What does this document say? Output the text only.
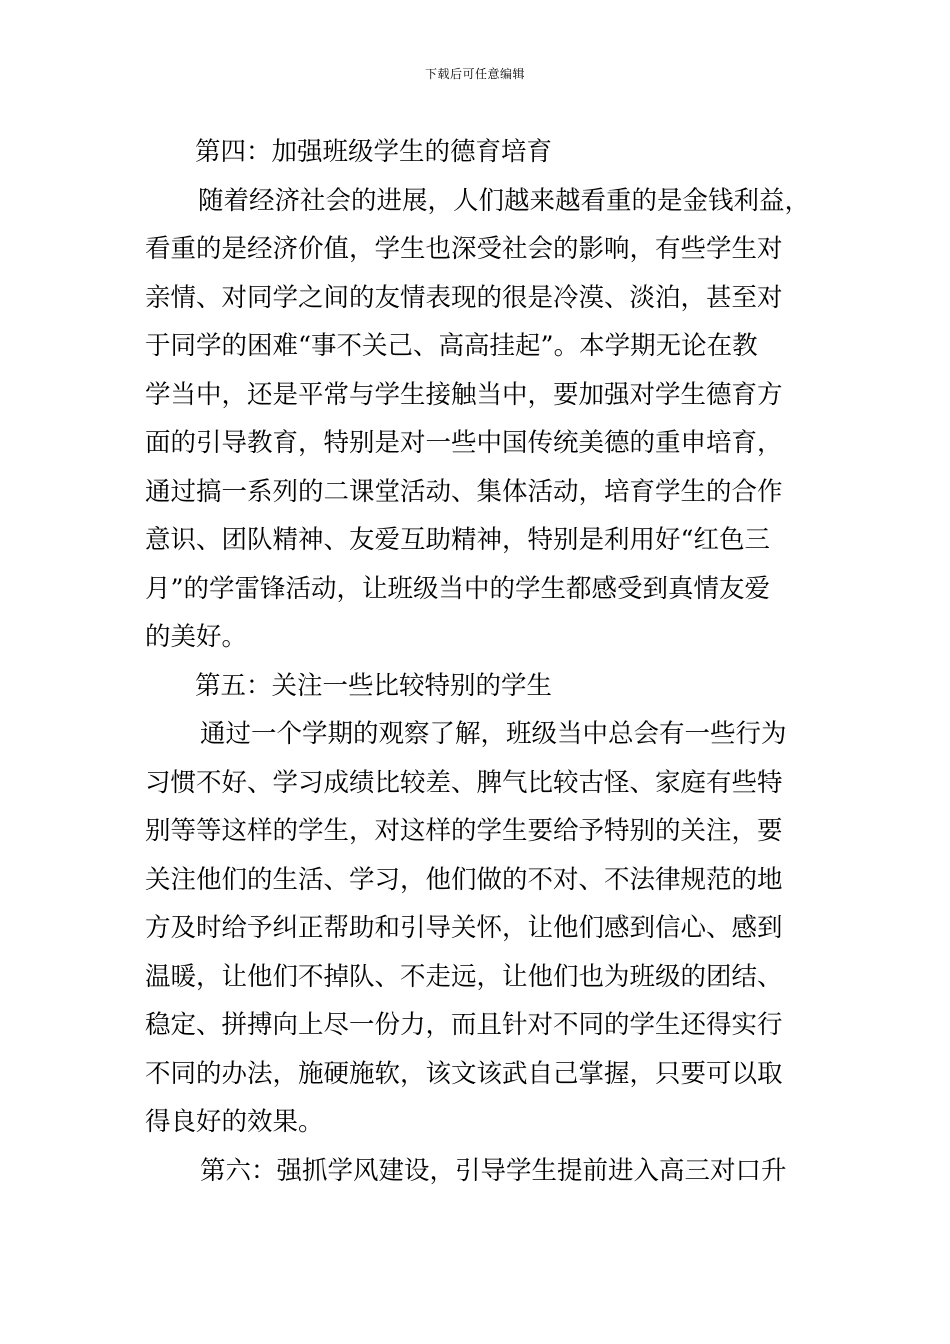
下载后可任意编辑
第四：加强班级学生的德育培育
随着经济社会的进展，人们越来越看重的是金钱利益，
看重的是经济价值，学生也深受社会的影响，有些学生对
亲情、对同学之间的友情表现的很是冷漠、淡泊，甚至对
于同学的困难“事不关己、高高挂起”。本学期无论在教
学当中，还是平常与学生接触当中，要加强对学生德育方
面的引导教育，特别是对一些中国传统美德的重申培育，
通过搞一系列的二课堂活动、集体活动，培育学生的合作
意识、团队精神、友爱互助精神，特别是利用好“红色三
月”的学雷锋活动，让班级当中的学生都感受到真情友爱
的美好。
第五：关注一些比较特别的学生
通过一个学期的观察了解，班级当中总会有一些行为
习惯不好、学习成绩比较差、脾气比较古怪、家庭有些特
别等等这样的学生，对这样的学生要给予特别的关注，要
关注他们的生活、学习，他们做的不对、不法律规范的地
方及时给予纠正帮助和引导关怀，让他们感到信心、感到
温暖，让他们不掉队、不走远，让他们也为班级的团结、
稳定、拼搏向上尽一份力，而且针对不同的学生还得实行
不同的办法，施硬施软，该文该武自己掌握，只要可以取
得良好的效果。
第六：强抓学风建设，引导学生提前进入高三对口升
